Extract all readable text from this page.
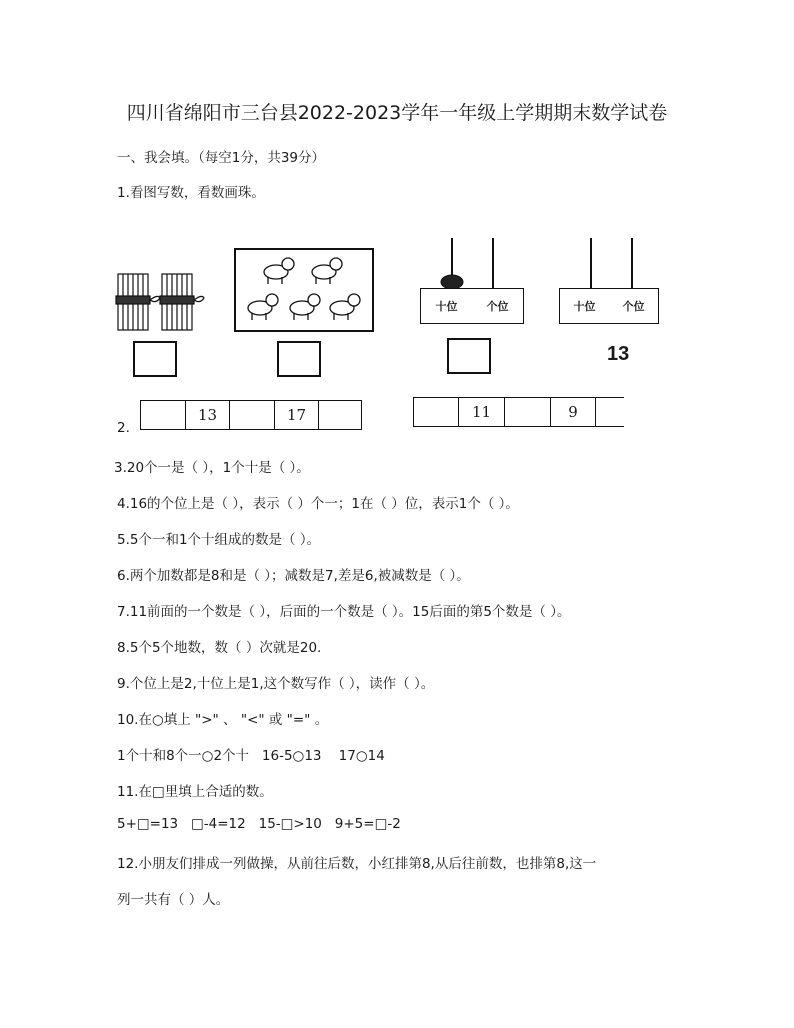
四川省绵阳市三台县2022-2023学年一年级上学期期末数学试卷
一、我会填。（每空1分，共39分）
1.看图写数，看数画珠。
十位	个位	十位 个位
13
2.
13	17	11	9
3.20个一是（ ），1个十是（ ）。
4.16的个位上是（ ），表示（ ）个一；1在（ ）位，表示1个（ ）。
5.5个一和1个十组成的数是（ ）。
6.两个加数都是8和是（ ）；减数是7,差是6,被减数是（ ）。
7.11前面的一个数是（ ），后面的一个数是（ ）。15后面的第5个数是（ ）。
8.5个5个地数，数（ ）次就是20.
9.个位上是2,十位上是1,这个数写作（ ），读作（ ）。
10.在○填上 ">" 、 "<" 或 "=" 。
1个十和8个一○2个十   16-5○13    17○14
11.在□里填上合适的数。
5+□=13   □-4=12   15-□>10   9+5=□-2
12.小朋友们排成一列做操，从前往后数，小红排第8,从后往前数，也排第8,这一
列一共有（ ）人。
